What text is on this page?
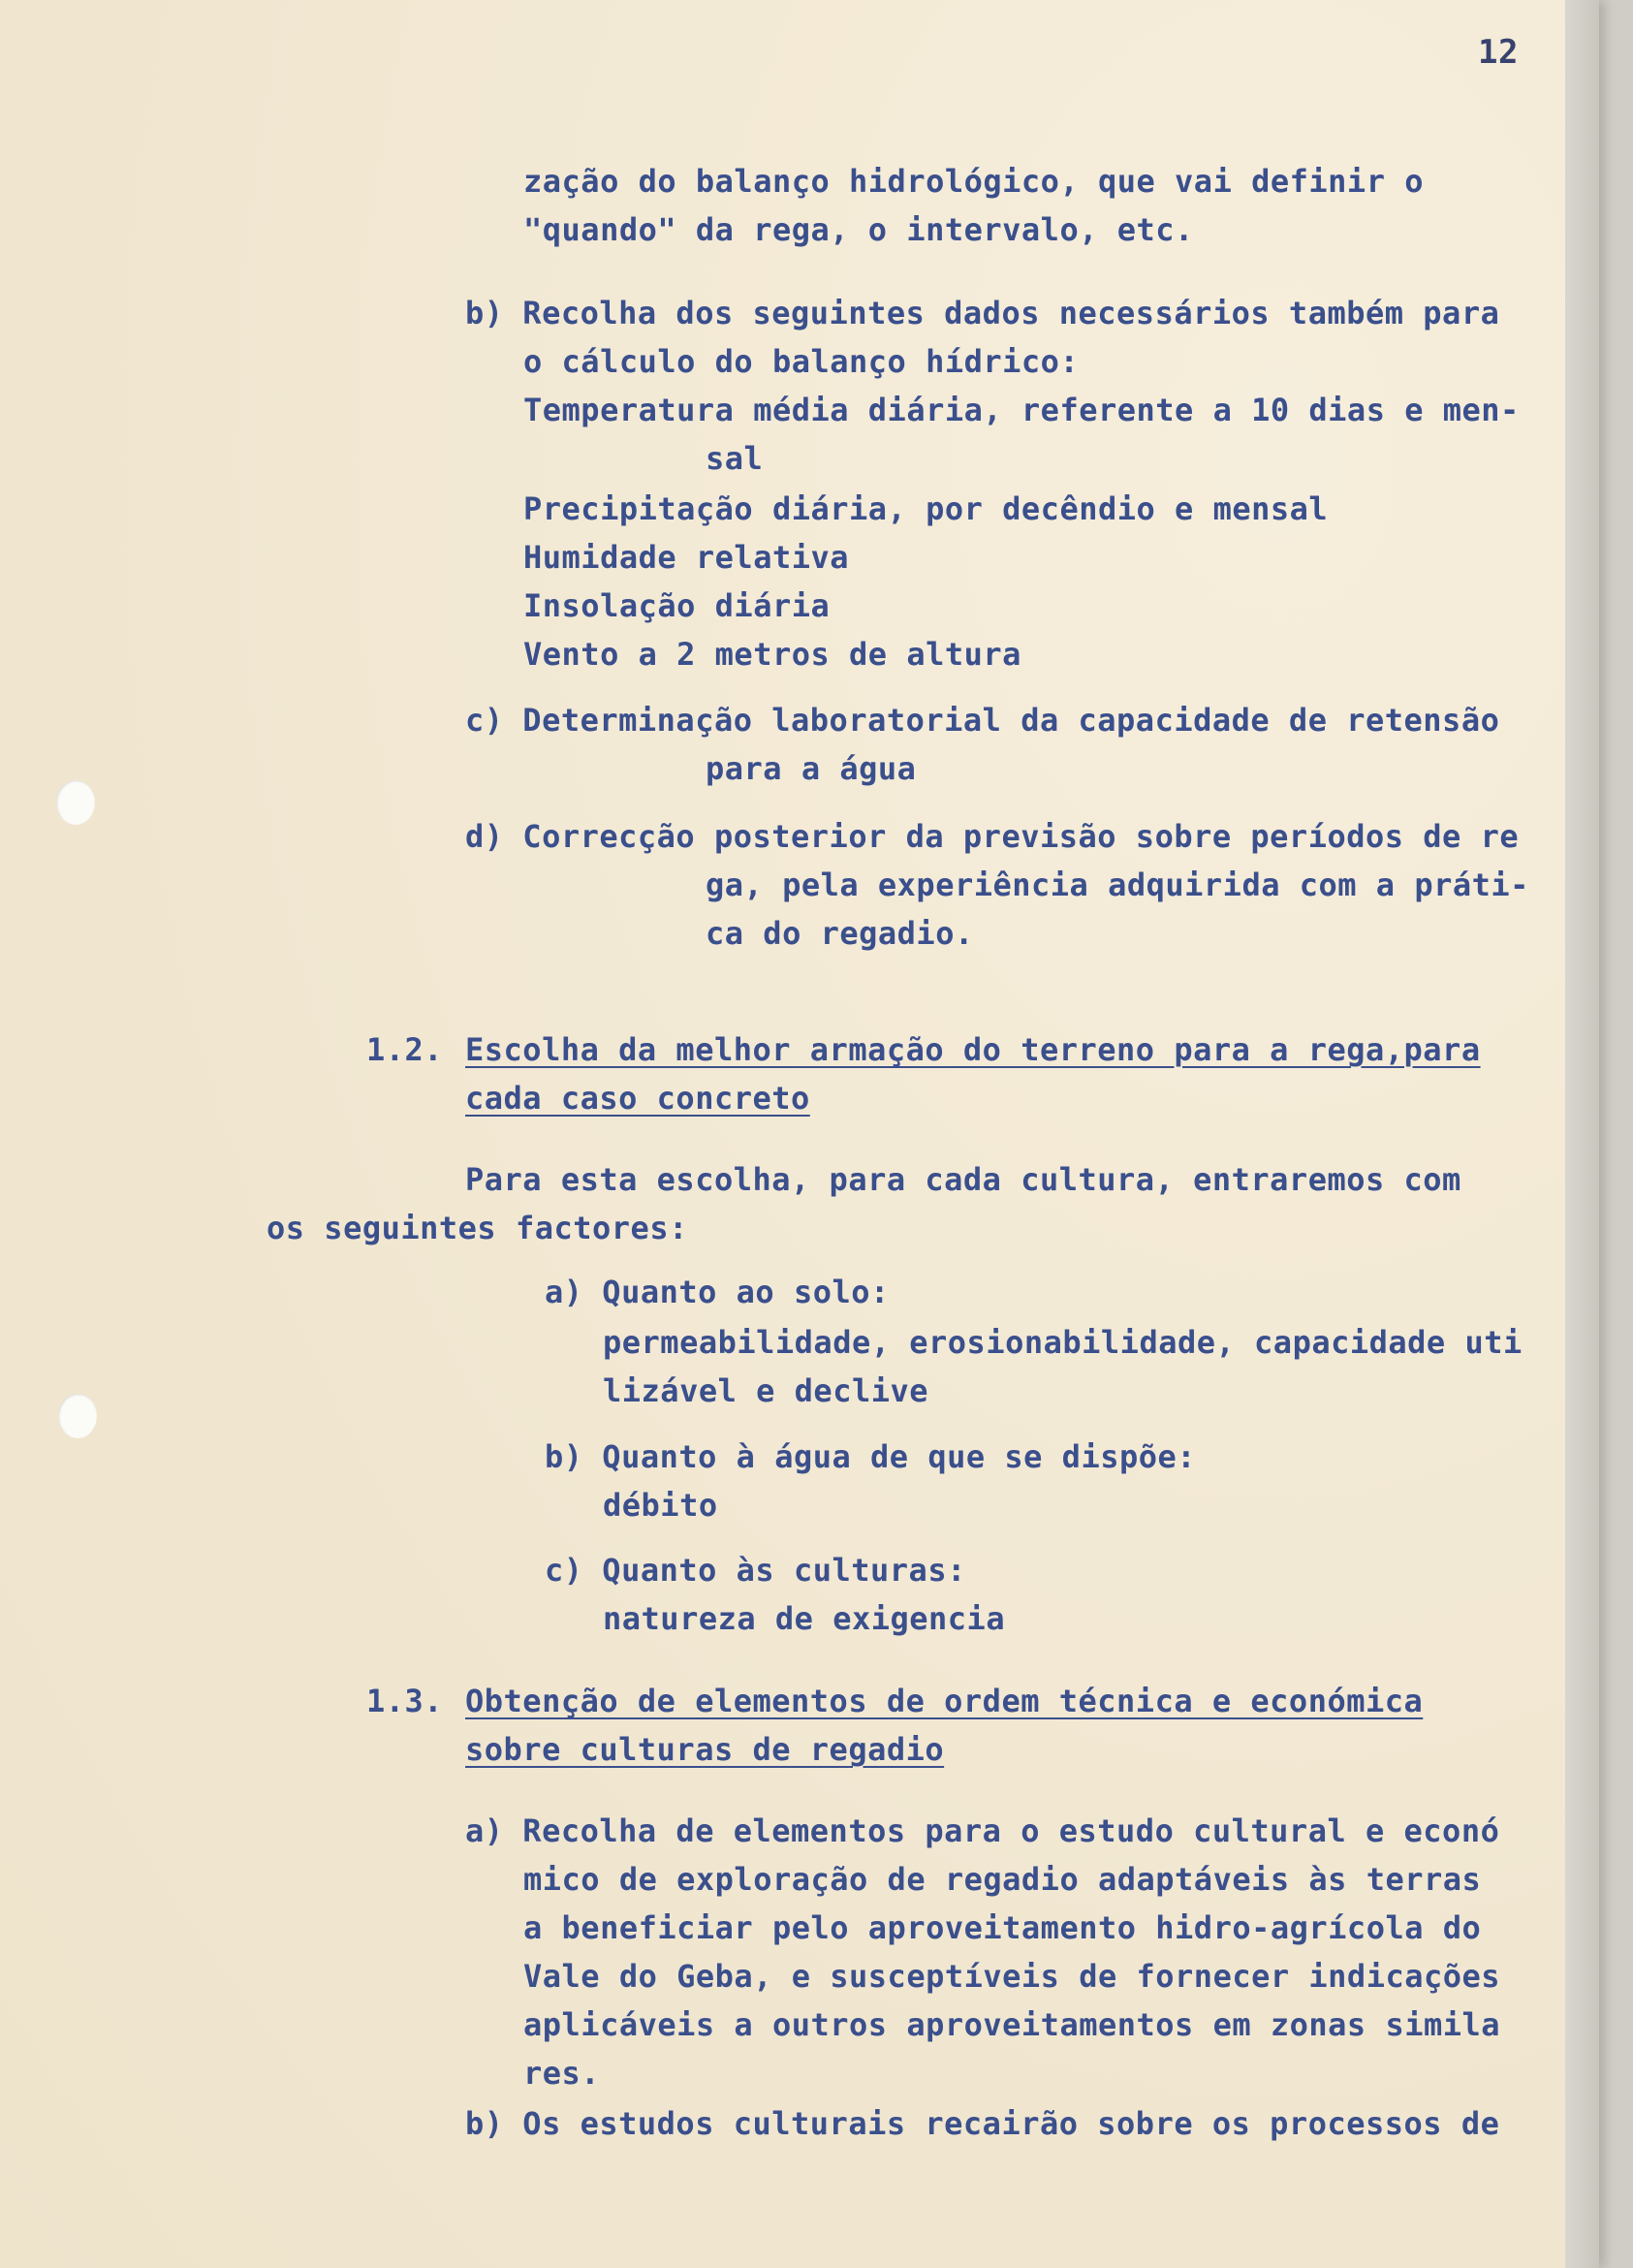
12
zação do balanço hidrológico, que vai definir o
"quando" da rega, o intervalo, etc.
b) Recolha dos seguintes dados necessários também para
o cálculo do balanço hídrico:
Temperatura média diária, referente a 10 dias e men-
sal
Precipitação diária, por decêndio e mensal
Humidade relativa
Insolação diária
Vento a 2 metros de altura
c) Determinação laboratorial da capacidade de retensão
para a água
d) Correcção posterior da previsão sobre períodos de re
ga, pela experiência adquirida com a práti-
ca do regadio.
1.2. Escolha da melhor armação do terreno para a rega,para
cada caso concreto
Para esta escolha, para cada cultura, entraremos com
os seguintes factores:
a) Quanto ao solo:
permeabilidade, erosionabilidade, capacidade uti
lizável e declive
b) Quanto à água de que se dispõe:
débito
c) Quanto às culturas:
natureza de exigencia
1.3. Obtenção de elementos de ordem técnica e económica
sobre culturas de regadio
a) Recolha de elementos para o estudo cultural e econó
mico de exploração de regadio adaptáveis às terras
a beneficiar pelo aproveitamento hidro-agrícola do
Vale do Geba, e susceptíveis de fornecer indicações
aplicáveis a outros aproveitamentos em zonas simila
res.
b) Os estudos culturais recairão sobre os processos de
